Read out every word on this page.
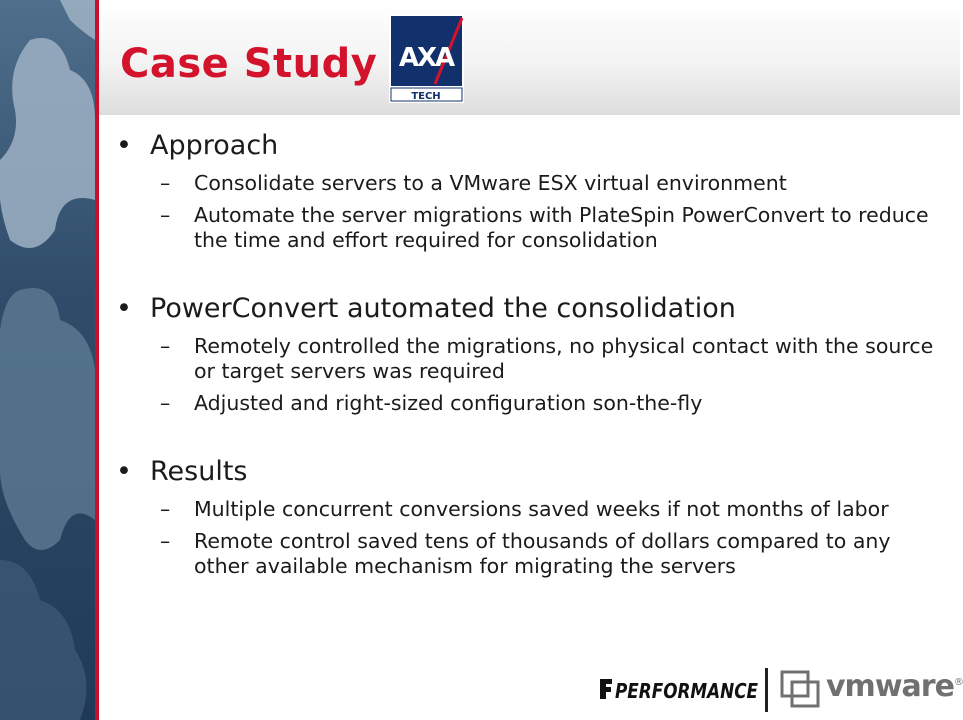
Case Study AXA
TECH
• Approach
– Consolidate servers to a VMware ESX virtual environment
– Automate the server migrations with PlateSpin PowerConvert to reduce the time and effort required for consolidation
• PowerConvert automated the consolidation
– Remotely controlled the migrations, no physical contact with the source or target servers was required
– Adjusted and right-sized configuration son-the-fly
• Results
– Multiple concurrent conversions saved weeks if not months of labor
– Remote control saved tens of thousands of dollars compared to any other available mechanism for migrating the servers
PERFORMANCE vmware®
